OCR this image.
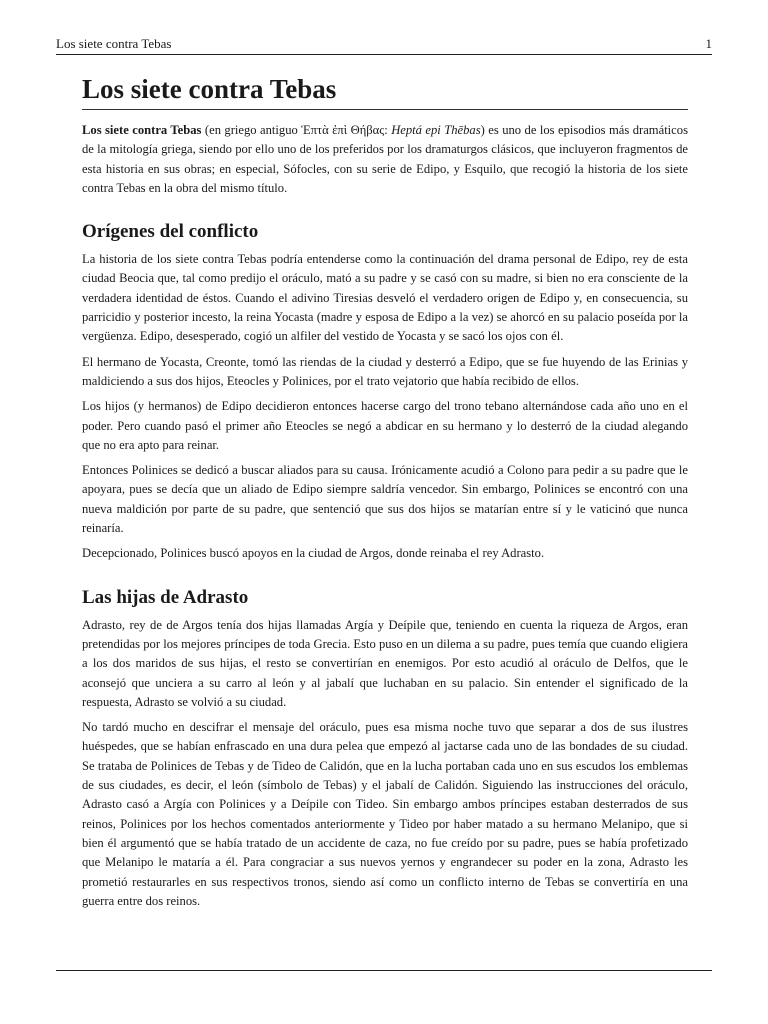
Los siete contra Tebas	1
Los siete contra Tebas

Los siete contra Tebas (en griego antiguo Ἑπτὰ ἐπὶ Θήβας: Heptá epi Thēbas) es uno de los episodios más dramáticos de la mitología griega, siendo por ello uno de los preferidos por los dramaturgos clásicos, que incluyeron fragmentos de esta historia en sus obras; en especial, Sófocles, con su serie de Edipo, y Esquilo, que recogió la historia de los siete contra Tebas en la obra del mismo título.

Orígenes del conflicto

La historia de los siete contra Tebas podría entenderse como la continuación del drama personal de Edipo, rey de esta ciudad Beocia que, tal como predijo el oráculo, mató a su padre y se casó con su madre, si bien no era consciente de la verdadera identidad de éstos. Cuando el adivino Tiresias desveló el verdadero origen de Edipo y, en consecuencia, su parricidio y posterior incesto, la reina Yocasta (madre y esposa de Edipo a la vez) se ahorcó en su palacio poseída por la vergüenza. Edipo, desesperado, cogió un alfiler del vestido de Yocasta y se sacó los ojos con él.

El hermano de Yocasta, Creonte, tomó las riendas de la ciudad y desterró a Edipo, que se fue huyendo de las Erinias y maldiciendo a sus dos hijos, Eteocles y Polinices, por el trato vejatorio que había recibido de ellos.

Los hijos (y hermanos) de Edipo decidieron entonces hacerse cargo del trono tebano alternándose cada año uno en el poder. Pero cuando pasó el primer año Eteocles se negó a abdicar en su hermano y lo desterró de la ciudad alegando que no era apto para reinar.

Entonces Polinices se dedicó a buscar aliados para su causa. Irónicamente acudió a Colono para pedir a su padre que le apoyara, pues se decía que un aliado de Edipo siempre saldría vencedor. Sin embargo, Polinices se encontró con una nueva maldición por parte de su padre, que sentenció que sus dos hijos se matarían entre sí y le vaticinó que nunca reinaría.

Decepcionado, Polinices buscó apoyos en la ciudad de Argos, donde reinaba el rey Adrasto.

Las hijas de Adrasto

Adrasto, rey de de Argos tenía dos hijas llamadas Argía y Deípile que, teniendo en cuenta la riqueza de Argos, eran pretendidas por los mejores príncipes de toda Grecia. Esto puso en un dilema a su padre, pues temía que cuando eligiera a los dos maridos de sus hijas, el resto se convertirían en enemigos. Por esto acudió al oráculo de Delfos, que le aconsejó que unciera a su carro al león y al jabalí que luchaban en su palacio. Sin entender el significado de la respuesta, Adrasto se volvió a su ciudad.

No tardó mucho en descifrar el mensaje del oráculo, pues esa misma noche tuvo que separar a dos de sus ilustres huéspedes, que se habían enfrascado en una dura pelea que empezó al jactarse cada uno de las bondades de su ciudad. Se trataba de Polinices de Tebas y de Tideo de Calidón, que en la lucha portaban cada uno en sus escudos los emblemas de sus ciudades, es decir, el león (símbolo de Tebas) y el jabalí de Calidón. Siguiendo las instrucciones del oráculo, Adrasto casó a Argía con Polinices y a Deípile con Tideo. Sin embargo ambos príncipes estaban desterrados de sus reinos, Polinices por los hechos comentados anteriormente y Tideo por haber matado a su hermano Melanipo, que si bien él argumentó que se había tratado de un accidente de caza, no fue creído por su padre, pues se había profetizado que Melanipo le mataría a él. Para congraciar a sus nuevos yernos y engrandecer su poder en la zona, Adrasto les prometió restaurarles en sus respectivos tronos, siendo así como un conflicto interno de Tebas se convertiría en una guerra entre dos reinos.
